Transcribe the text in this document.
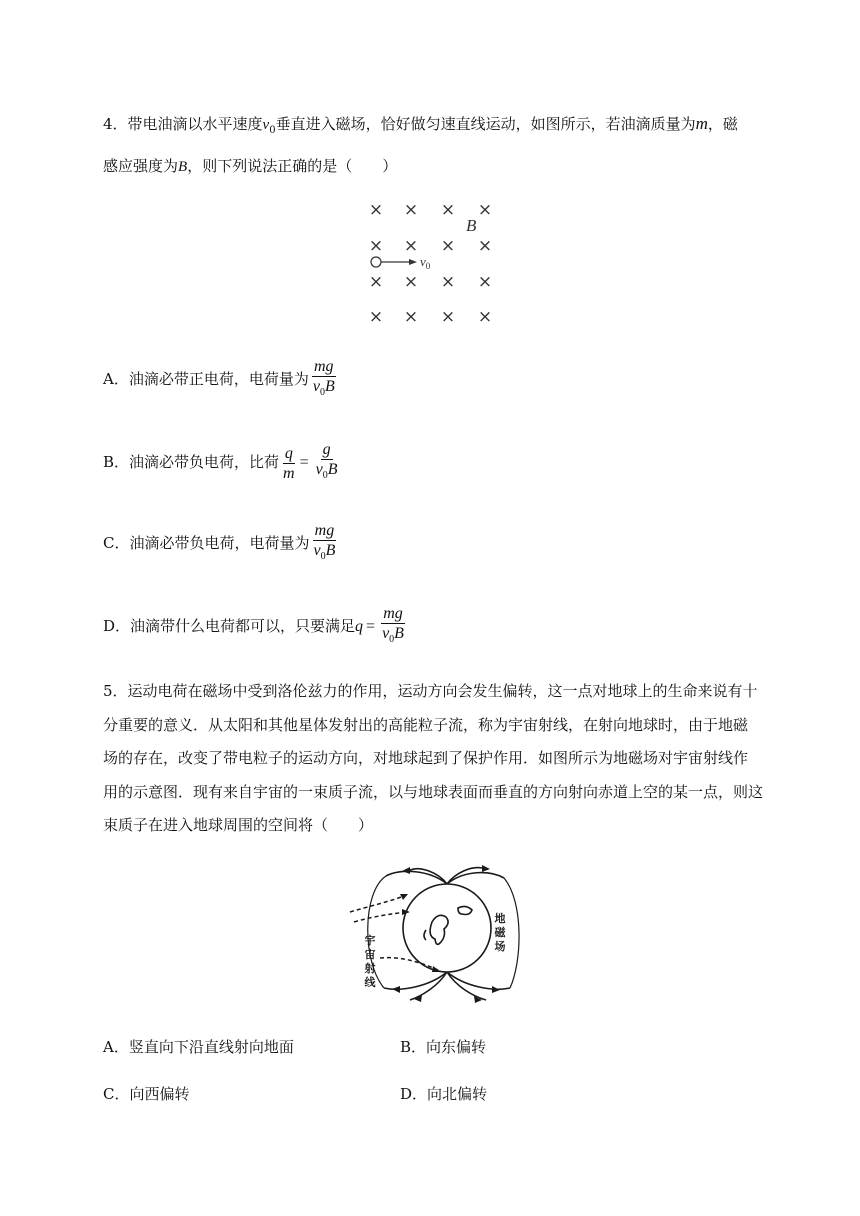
4．带电油滴以水平速度$v_0$垂直进入磁场，恰好做匀速直线运动，如图所示，若油滴质量为m，磁
感应强度为B，则下列说法正确的是（　　）
× × × ×
× × × ×
× × × ×
× × × ×
B
$v_0$
A．油滴必带正电荷，电荷量为 $\frac{mg}{v_0B}$
B．油滴必带负电荷，比荷 $\frac{q}{m} = \frac{g}{v_0B}$
C．油滴必带负电荷，电荷量为 $\frac{mg}{v_0B}$
D．油滴带什么电荷都可以，只要满足$q = \frac{mg}{v_0B}$
5．运动电荷在磁场中受到洛伦兹力的作用，运动方向会发生偏转，这一点对地球上的生命来说有十
分重要的意义．从太阳和其他星体发射出的高能粒子流，称为宇宙射线，在射向地球时，由于地磁
场的存在，改变了带电粒子的运动方向，对地球起到了保护作用．如图所示为地磁场对宇宙射线作
用的示意图．现有来自宇宙的一束质子流，以与地球表面而垂直的方向射向赤道上空的某一点，则这
束质子在进入地球周围的空间将（　　）
宇
宙
射
线
地
磁
场
A．竖直向下沿直线射向地面	B．向东偏转
C．向西偏转	D．向北偏转
